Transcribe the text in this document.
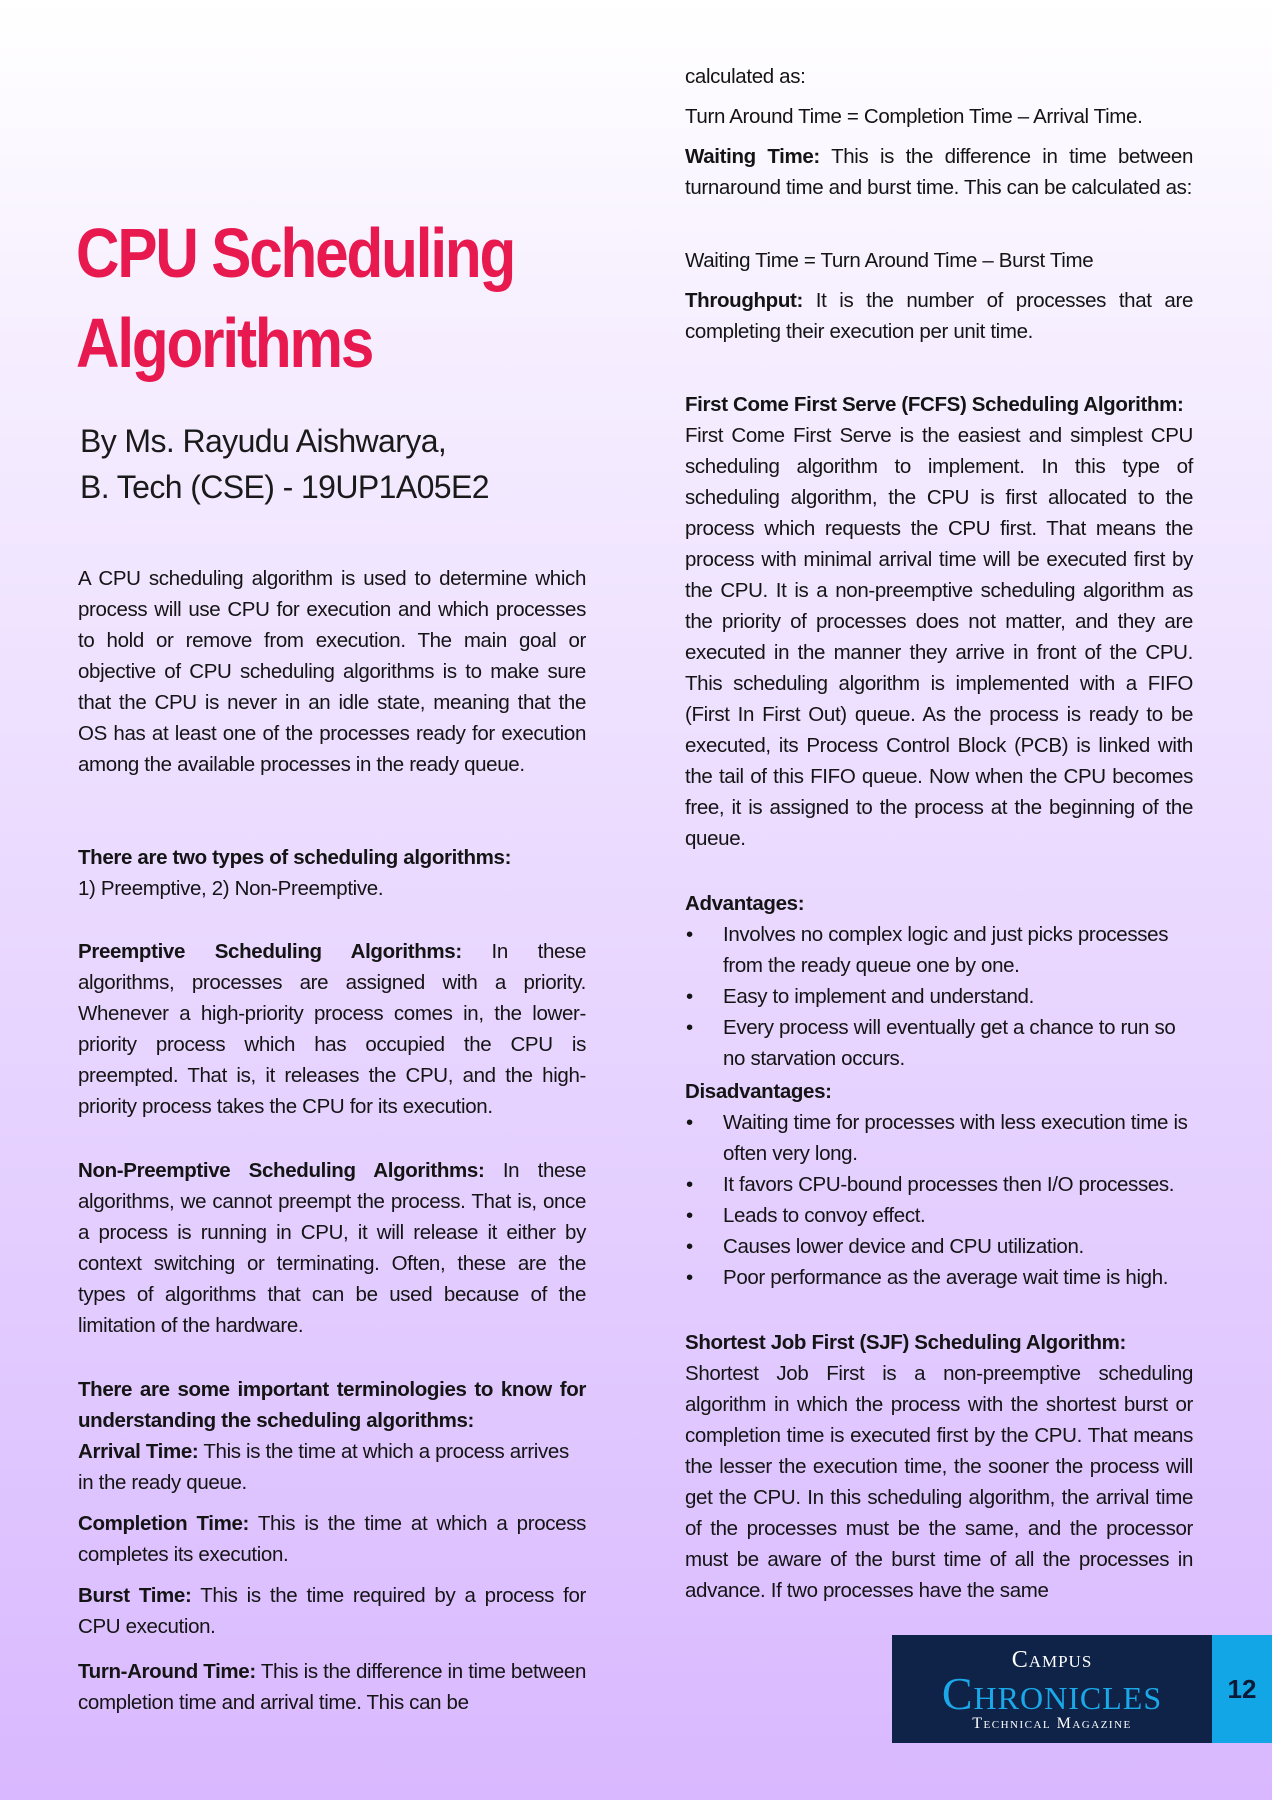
CPU Scheduling
Algorithms
By Ms. Rayudu Aishwarya,
B. Tech (CSE) - 19UP1A05E2

A CPU scheduling algorithm is used to determine which process will use CPU for execution and which processes to hold or remove from execution. The main goal or objective of CPU scheduling algorithms is to make sure that the CPU is never in an idle state, meaning that the OS has at least one of the processes ready for execution among the available processes in the ready queue.

There are two types of scheduling algorithms:

1) Preemptive, 2) Non-Preemptive.

Preemptive Scheduling Algorithms: In these algorithms, processes are assigned with a priority. Whenever a high-priority process comes in, the lower-priority process which has occupied the CPU is preempted. That is, it releases the CPU, and the high-priority process takes the CPU for its execution.

Non-Preemptive Scheduling Algorithms: In these algorithms, we cannot preempt the process. That is, once a process is running in CPU, it will release it either by context switching or terminating. Often, these are the types of algorithms that can be used because of the limitation of the hardware.

There are some important terminologies to know for understanding the scheduling algorithms:

Arrival Time: This is the time at which a process arrives in the ready queue.

Completion Time: This is the time at which a process completes its execution.

Burst Time: This is the time required by a process for CPU execution.

Turn-Around Time: This is the difference in time between completion time and arrival time. This can be

calculated as:

Turn Around Time = Completion Time – Arrival Time.

Waiting Time: This is the difference in time between turnaround time and burst time. This can be calculated as:

Waiting Time = Turn Around Time – Burst Time

Throughput: It is the number of processes that are completing their execution per unit time.

First Come First Serve (FCFS) Scheduling Algorithm:

First Come First Serve is the easiest and simplest CPU scheduling algorithm to implement. In this type of scheduling algorithm, the CPU is first allocated to the process which requests the CPU first. That means the process with minimal arrival time will be executed first by the CPU. It is a non-preemptive scheduling algorithm as the priority of processes does not matter, and they are executed in the manner they arrive in front of the CPU. This scheduling algorithm is implemented with a FIFO (First In First Out) queue. As the process is ready to be executed, its Process Control Block (PCB) is linked with the tail of this FIFO queue. Now when the CPU becomes free, it is assigned to the process at the beginning of the queue.

Advantages:

• Involves no complex logic and just picks processes from the ready queue one by one.
• Easy to implement and understand.
• Every process will eventually get a chance to run so no starvation occurs.

Disadvantages:

• Waiting time for processes with less execution time is often very long.
• It favors CPU-bound processes then I/O processes.
• Leads to convoy effect.
• Causes lower device and CPU utilization.
• Poor performance as the average wait time is high.

Shortest Job First (SJF) Scheduling Algorithm:

Shortest Job First is a non-preemptive scheduling algorithm in which the process with the shortest burst or completion time is executed first by the CPU. That means the lesser the execution time, the sooner the process will get the CPU. In this scheduling algorithm, the arrival time of the processes must be the same, and the processor must be aware of the burst time of all the processes in advance. If two processes have the same

Campus
Chronicles
Technical Magazine
12
